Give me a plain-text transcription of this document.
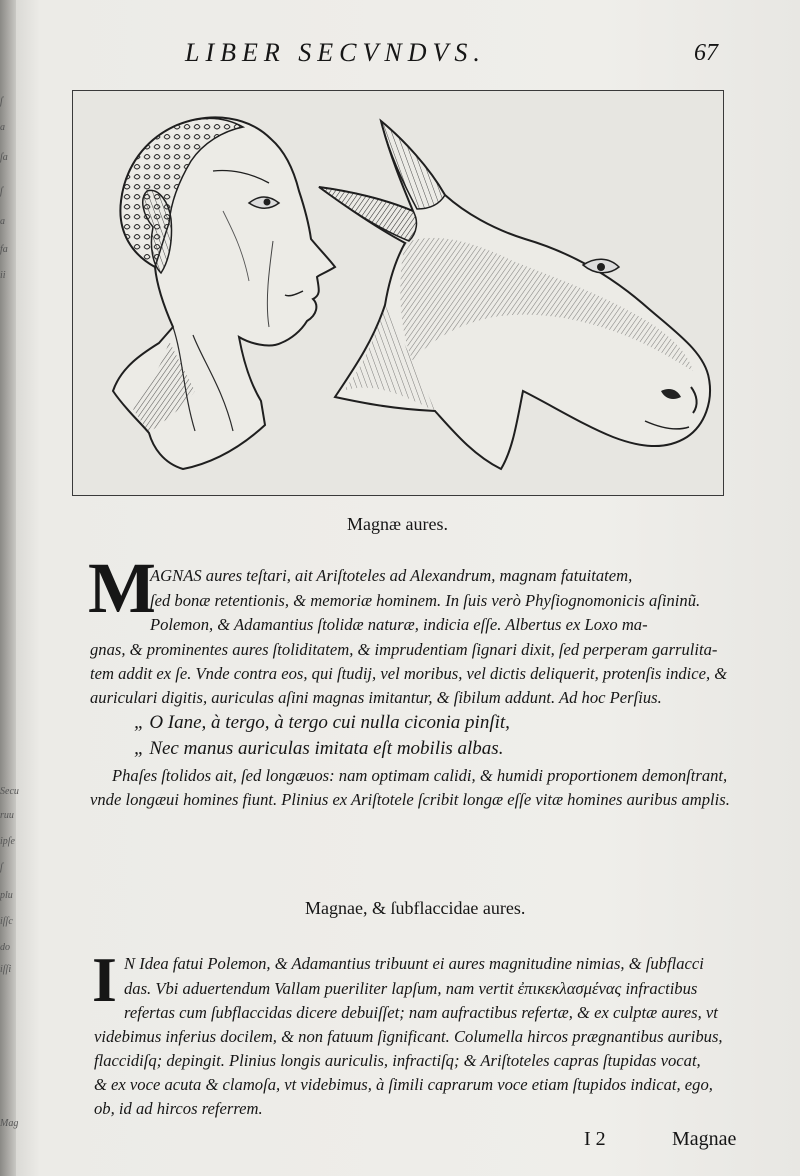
ſ
a
ſa
ſ
a
fa
ii
Secu
ruu
ipſe
ſ
plu
iſſc
do
iſſi
Mag
LIBER SECVNDVS.	67
Magnæ aures.
M
AGNAS aures teſtari, ait Ariſtoteles ad Alexandrum, magnam fatuitatem,
ſed bonæ retentionis, & memoriæ hominem. In ſuis verò Phyſiognomonicis aſininũ.
Polemon, & Adamantius ſtolidæ naturæ, indicia eſſe. Albertus ex Loxo ma-
gnas, & prominentes aures ſtoliditatem, & imprudentiam ſignari dixit, ſed perperam garrulita-
tem addit ex ſe. Vnde contra eos, qui ſtudij, vel moribus, vel dictis deliquerit, protenſis indice, &
auriculari digitis, auriculas aſini magnas imitantur, & ſibilum addunt. Ad hoc Perſius.
„ O Iane, à tergo, à tergo cui nulla ciconia pinſit,
„ Nec manus auriculas imitata eſt mobilis albas.
Phaſes ſtolidos ait, ſed longæuos: nam optimam calidi, & humidi proportionem demonſtrant,
vnde longæui homines fiunt. Plinius ex Ariſtotele ſcribit longæ eſſe vitæ homines auribus amplis.
Magnae, & ſubflaccidae aures.
I N Idea fatui Polemon, & Adamantius tribuunt ei aures magnitudine nimias, & ſubflacci
das. Vbi aduertendum Vallam pueriliter lapſum, nam vertit ἐπικεκλασμένας infractibus
refertas cum ſubflaccidas dicere debuiſſet; nam aufractibus refertæ, & ex culptæ aures, vt
videbimus inferius docilem, & non fatuum ſignificant. Columella hircos prægnantibus auribus,
flaccidiſq; depingit. Plinius longis auriculis, infractiſq; & Ariſtoteles capras ſtupidas vocat,
& ex voce acuta & clamoſa, vt videbimus, à ſimili caprarum voce etiam ſtupidos indicat, ego,
ob, id ad hircos referrem.
I 2	Magnae
